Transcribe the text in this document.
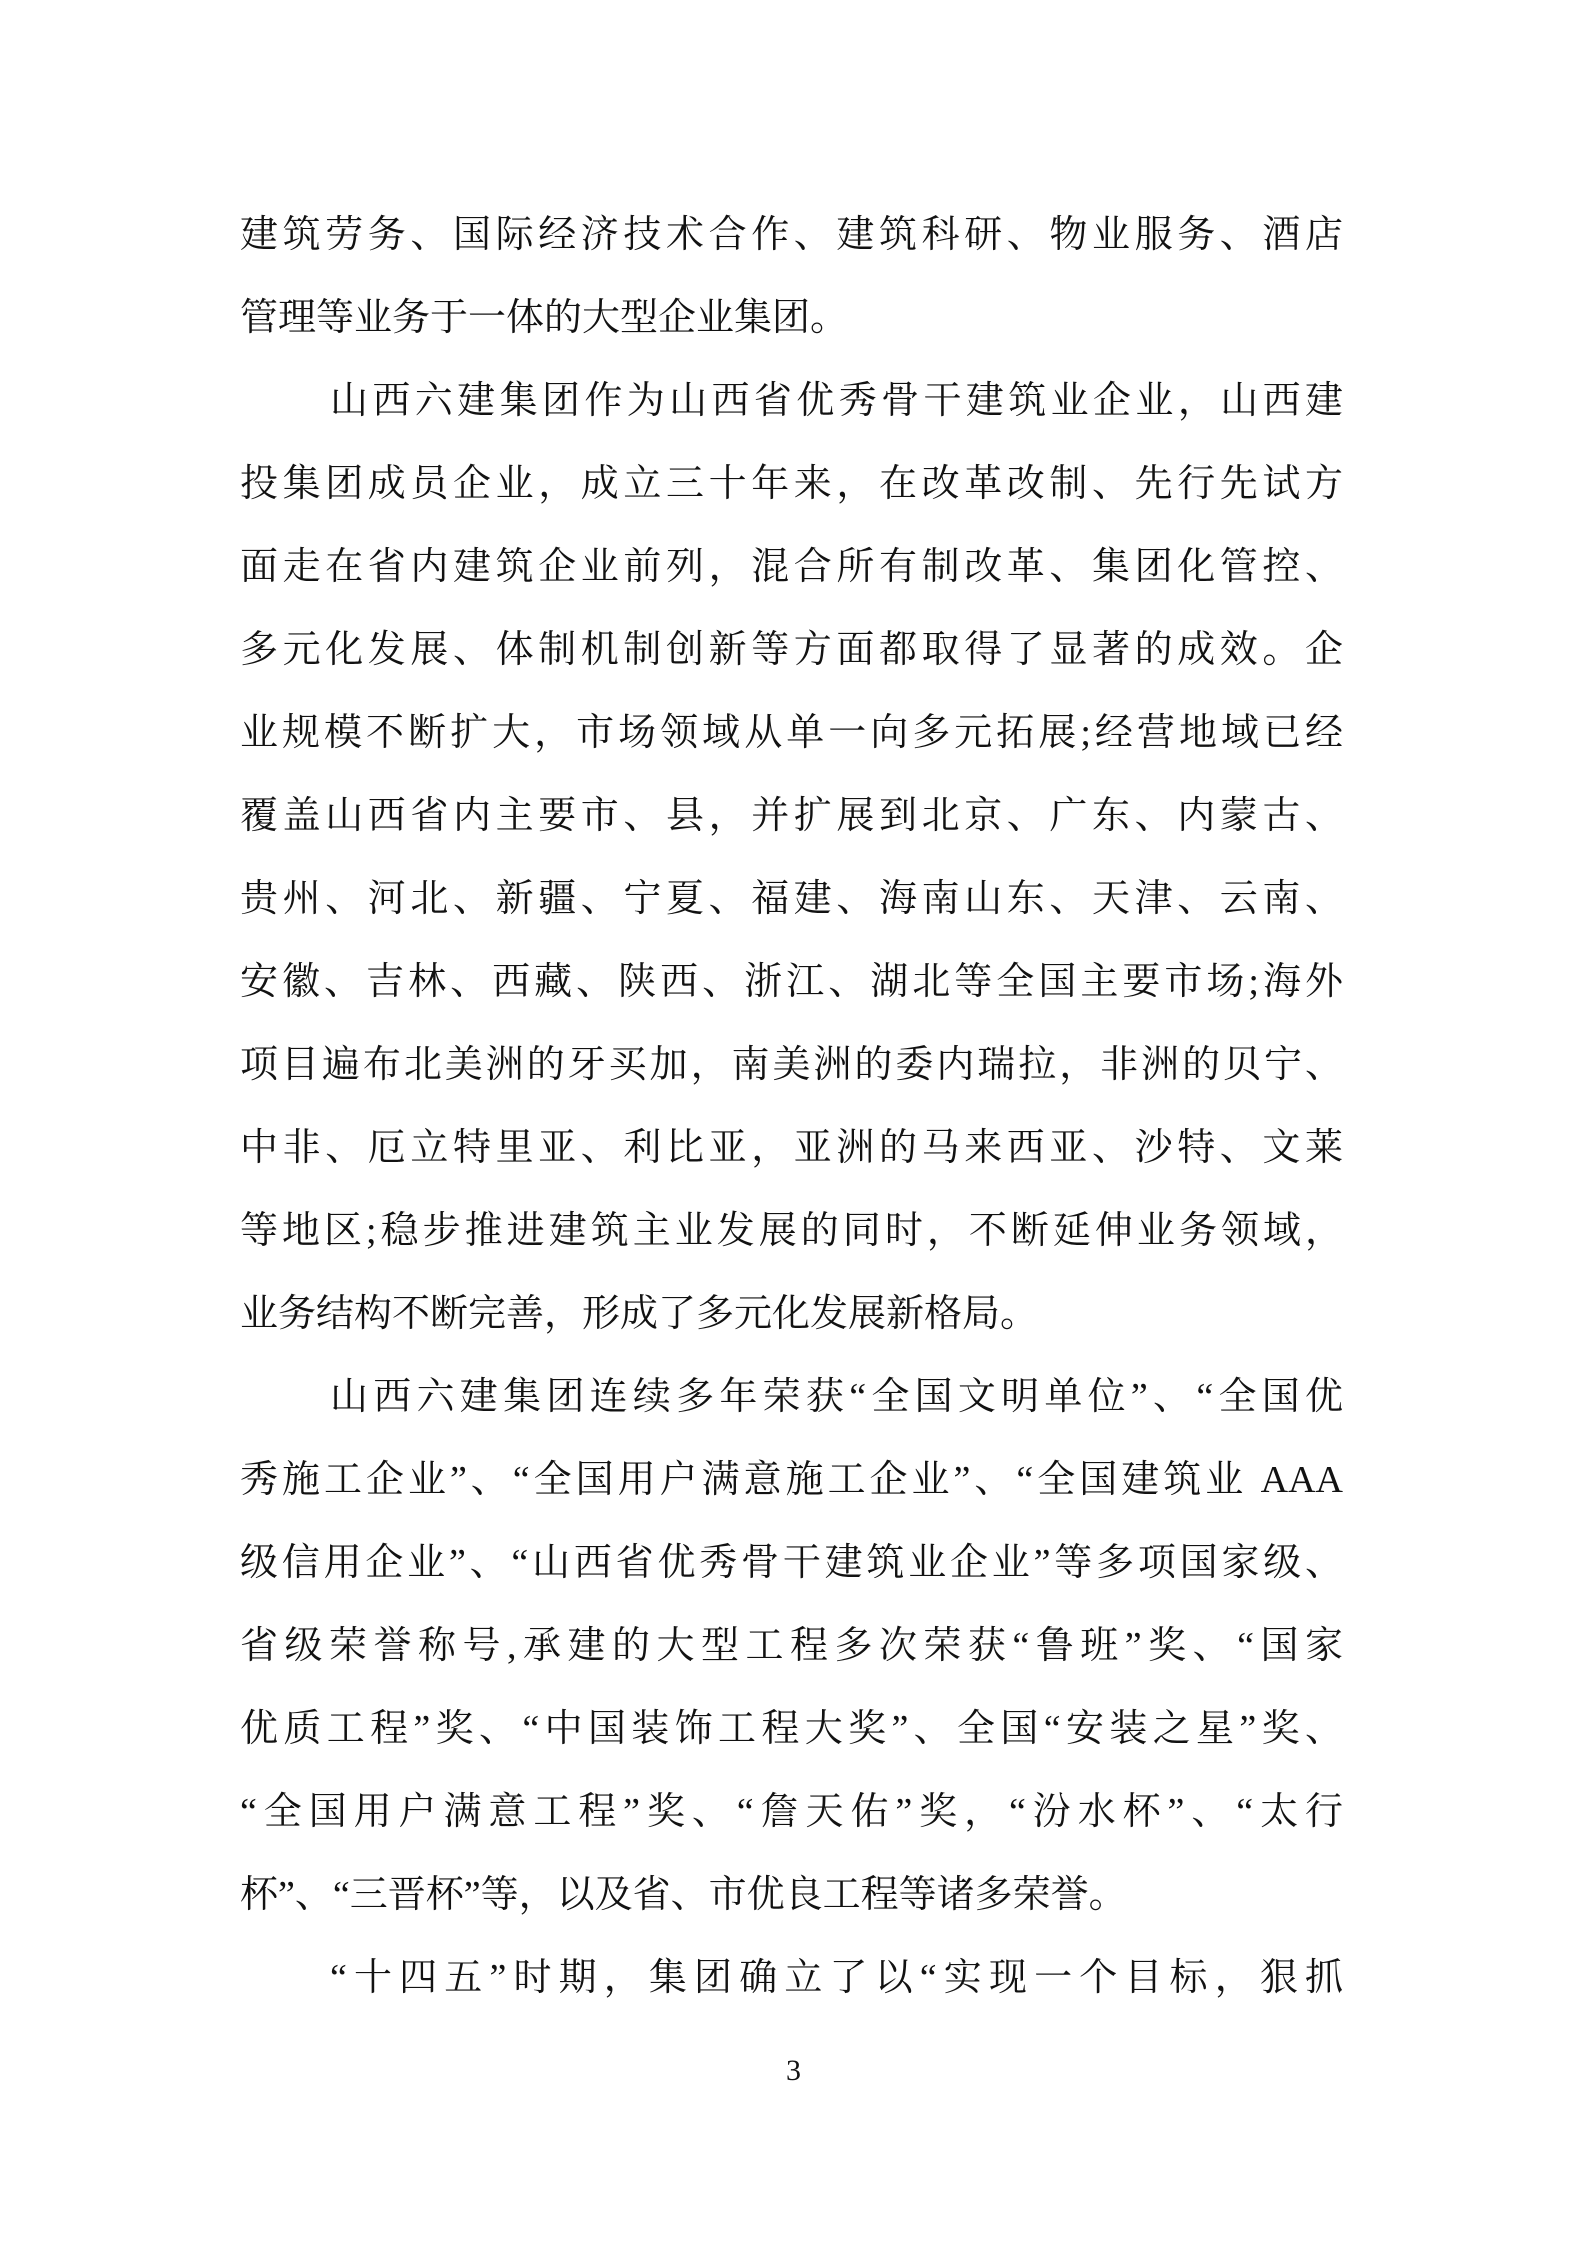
建筑劳务、国际经济技术合作、建筑科研、物业服务、酒店
管理等业务于一体的大型企业集团。
山西六建集团作为山西省优秀骨干建筑业企业，山西建
投集团成员企业，成立三十年来，在改革改制、先行先试方
面走在省内建筑企业前列，混合所有制改革、集团化管控、
多元化发展、体制机制创新等方面都取得了显著的成效。企
业规模不断扩大，市场领域从单一向多元拓展;经营地域已经
覆盖山西省内主要市、县，并扩展到北京、广东、内蒙古、
贵州、河北、新疆、宁夏、福建、海南山东、天津、云南、
安徽、吉林、西藏、陕西、浙江、湖北等全国主要市场;海外
项目遍布北美洲的牙买加，南美洲的委内瑞拉，非洲的贝宁、
中非、厄立特里亚、利比亚，亚洲的马来西亚、沙特、文莱
等地区;稳步推进建筑主业发展的同时，不断延伸业务领域，
业务结构不断完善，形成了多元化发展新格局。
山西六建集团连续多年荣获“全国文明单位”、“全国优
秀施工企业”、“全国用户满意施工企业”、“全国建筑业 AAA
级信用企业”、“山西省优秀骨干建筑业企业”等多项国家级、
省级荣誉称号,承建的大型工程多次荣获“鲁班”奖、“国家
优质工程”奖、“中国装饰工程大奖”、全国“安装之星”奖、
“全国用户满意工程”奖、“詹天佑”奖，“汾水杯”、“太行
杯”、“三晋杯”等，以及省、市优良工程等诸多荣誉。
“十四五”时期，集团确立了以“实现一个目标，狠抓
3
